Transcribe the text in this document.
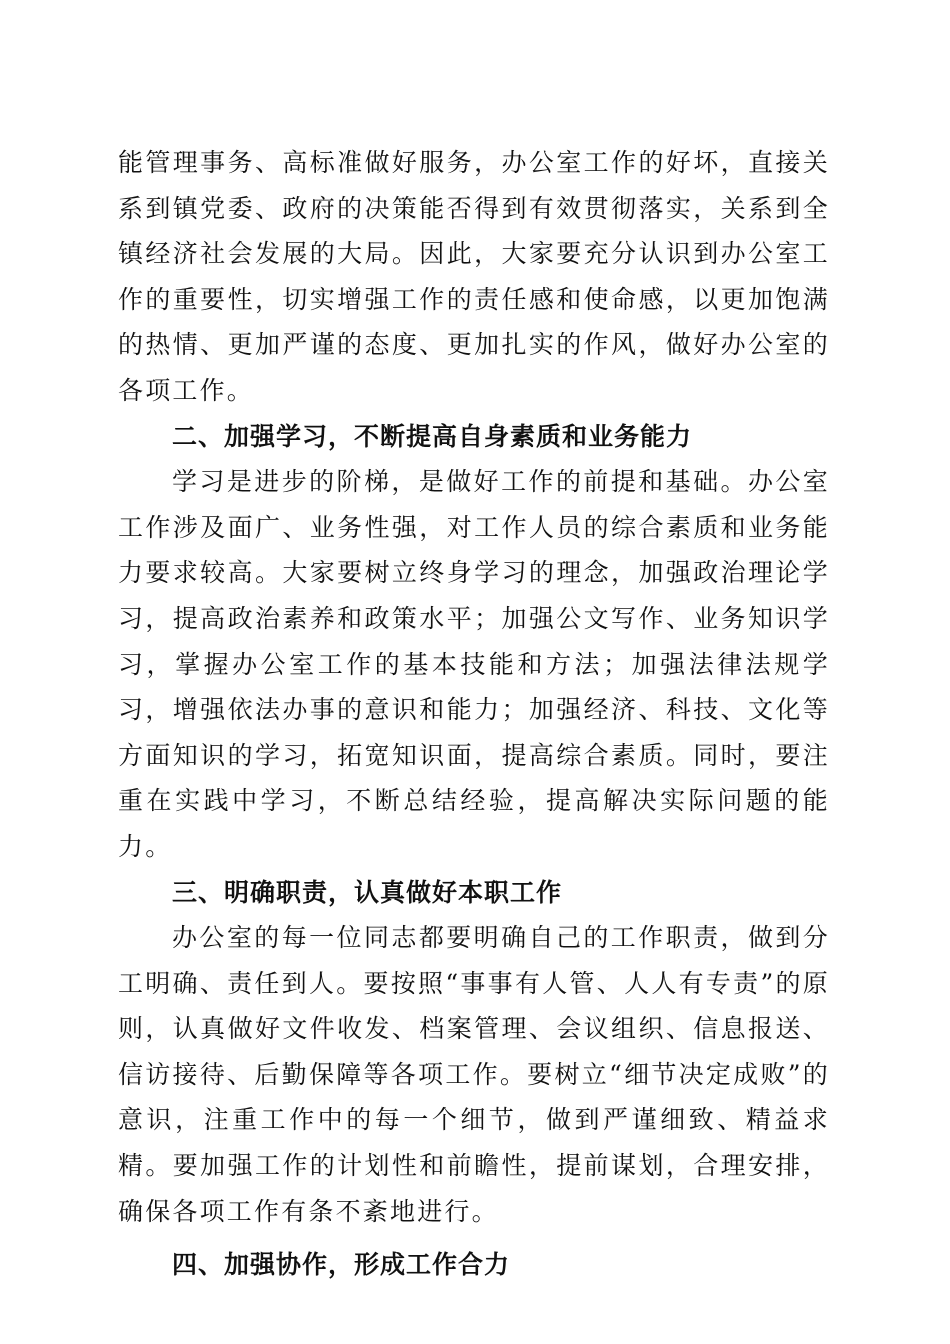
能管理事务、高标准做好服务，办公室工作的好坏，直接关系到镇党委、政府的决策能否得到有效贯彻落实，关系到全镇经济社会发展的大局。因此，大家要充分认识到办公室工作的重要性，切实增强工作的责任感和使命感，以更加饱满的热情、更加严谨的态度、更加扎实的作风，做好办公室的各项工作。

二、加强学习，不断提高自身素质和业务能力

学习是进步的阶梯，是做好工作的前提和基础。办公室工作涉及面广、业务性强，对工作人员的综合素质和业务能力要求较高。大家要树立终身学习的理念，加强政治理论学习，提高政治素养和政策水平；加强公文写作、业务知识学习，掌握办公室工作的基本技能和方法；加强法律法规学习，增强依法办事的意识和能力；加强经济、科技、文化等方面知识的学习，拓宽知识面，提高综合素质。同时，要注重在实践中学习，不断总结经验，提高解决实际问题的能力。

三、明确职责，认真做好本职工作

办公室的每一位同志都要明确自己的工作职责，做到分工明确、责任到人。要按照“事事有人管、人人有专责”的原则，认真做好文件收发、档案管理、会议组织、信息报送、信访接待、后勤保障等各项工作。要树立“细节决定成败”的意识，注重工作中的每一个细节，做到严谨细致、精益求精。要加强工作的计划性和前瞻性，提前谋划，合理安排，确保各项工作有条不紊地进行。

四、加强协作，形成工作合力
